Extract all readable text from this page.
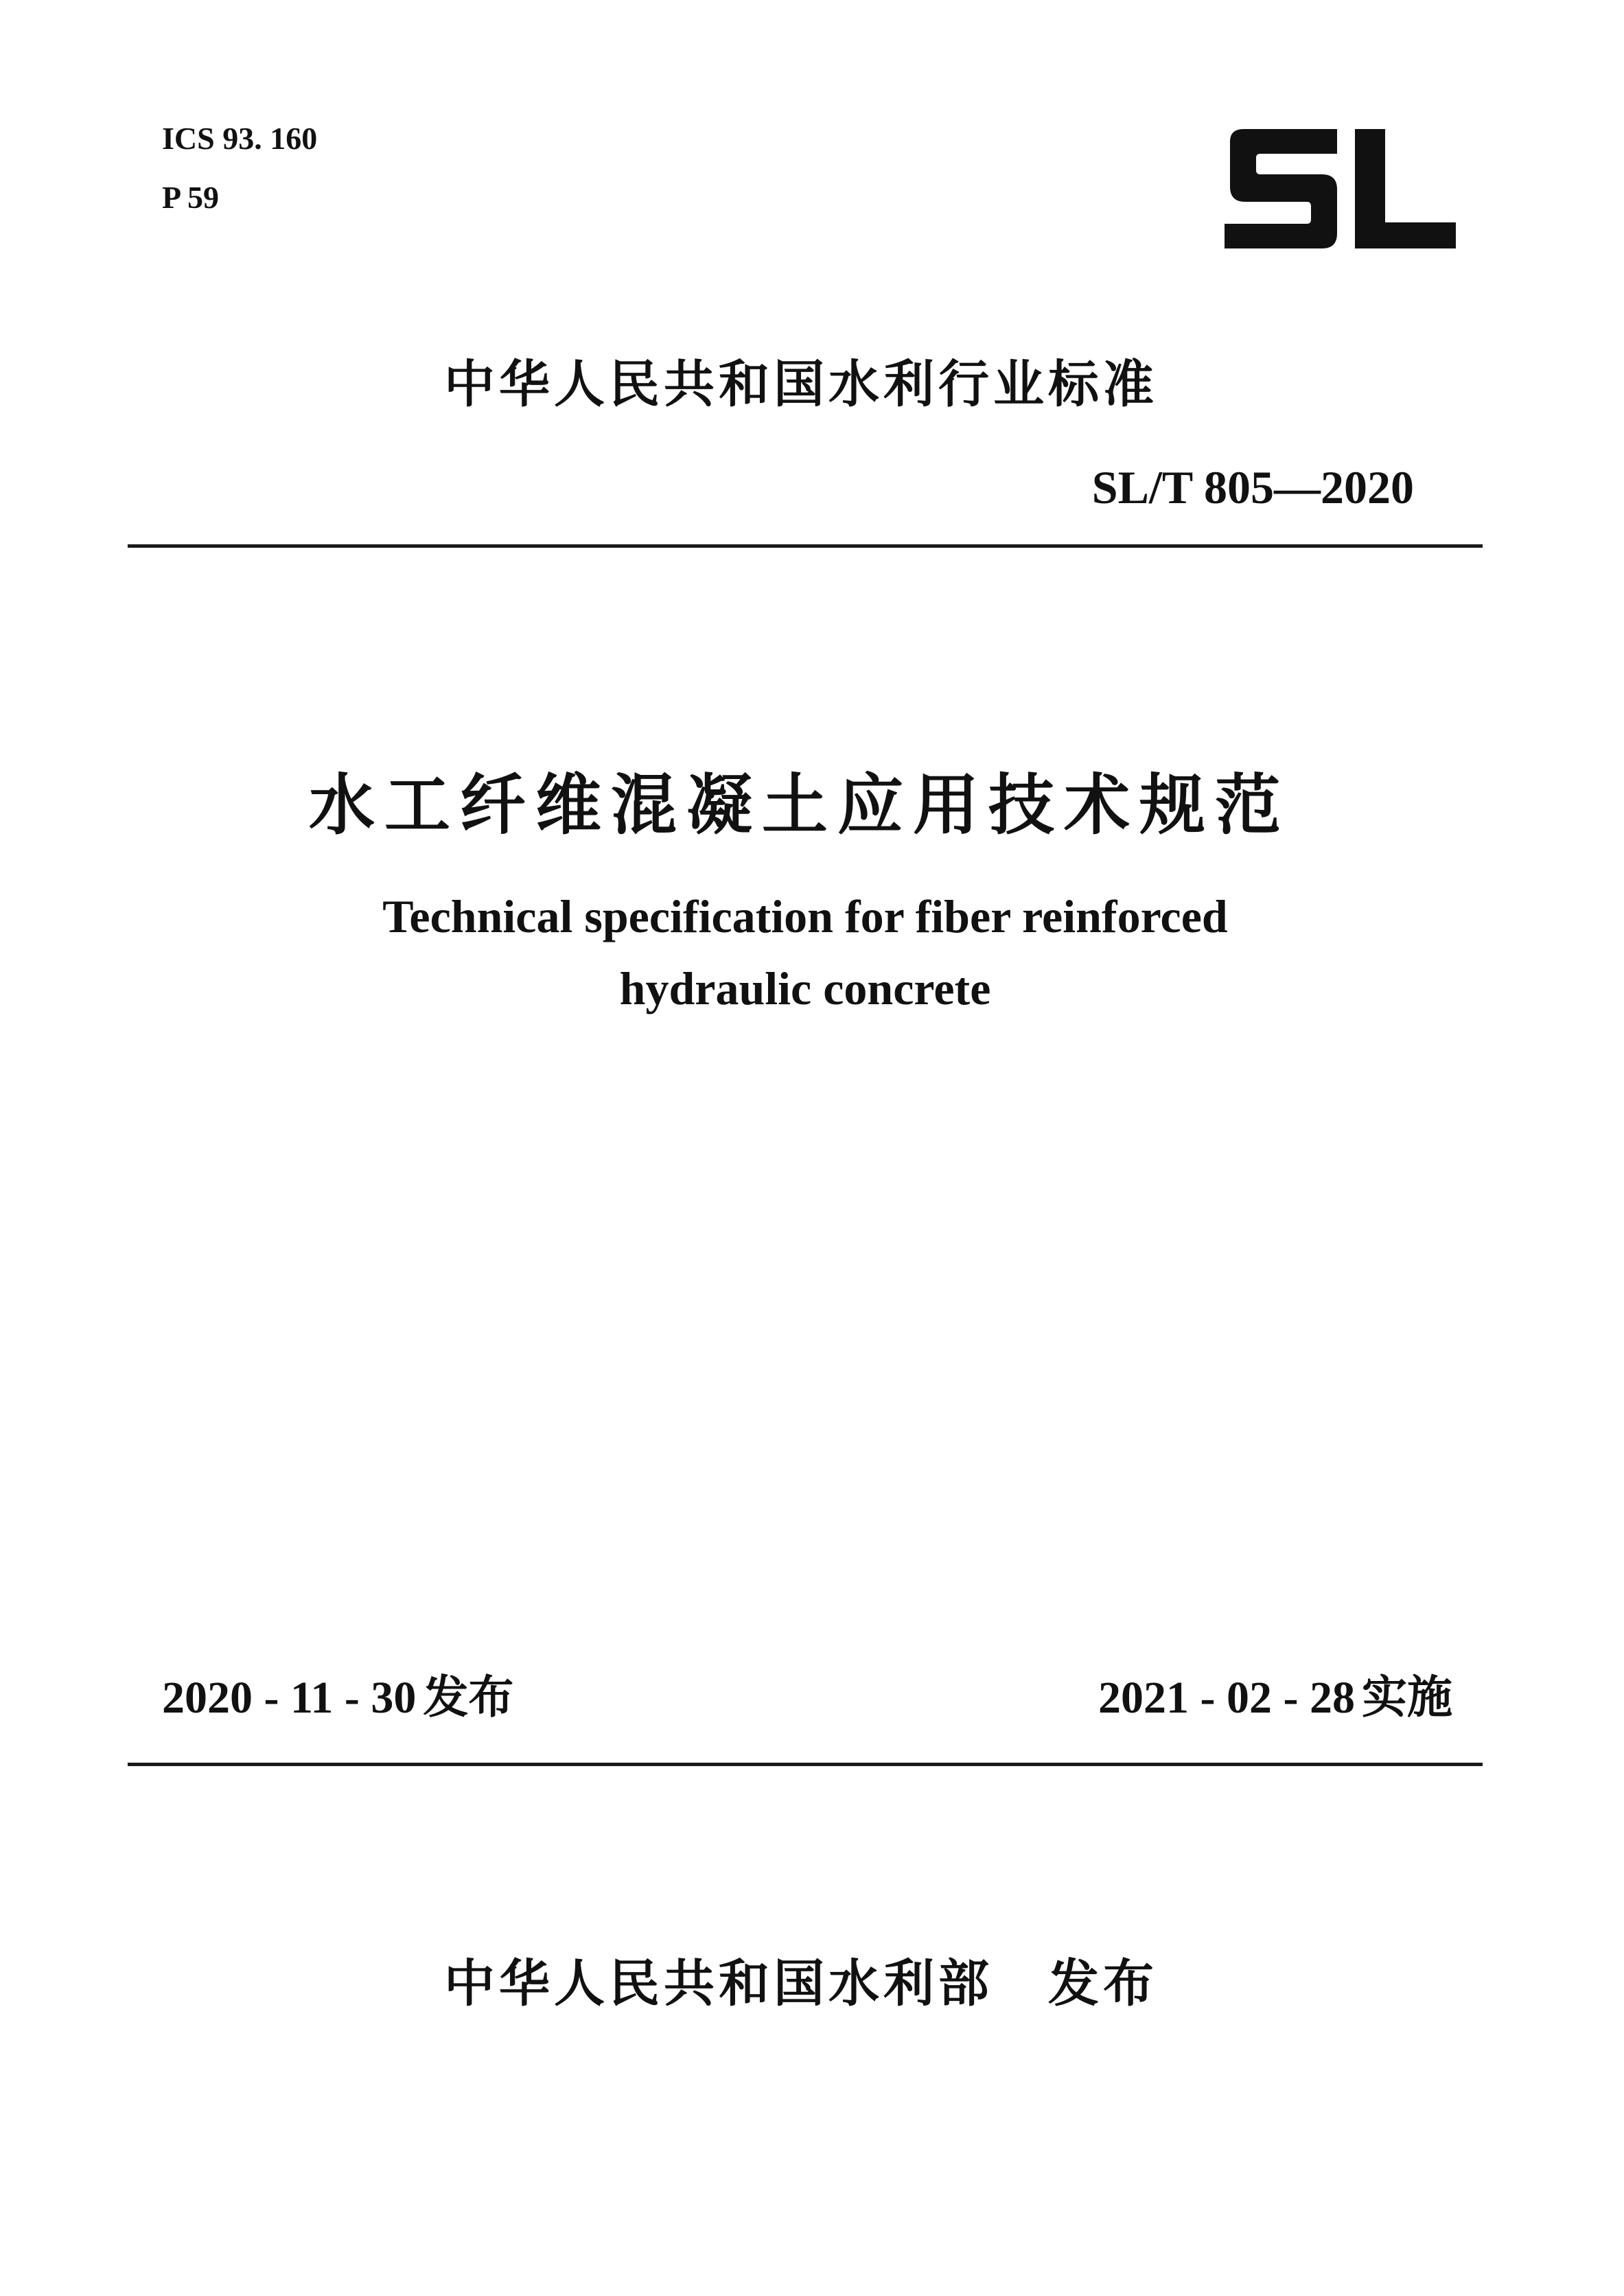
ICS 93. 160
P 59
中华人民共和国水利行业标准
SL/T 805—2020
水工纤维混凝土应用技术规范
Technical specification for fiber reinforced
hydraulic concrete
2020 - 11 - 30 发布	2021 - 02 - 28 实施
中华人民共和国水利部 发布
